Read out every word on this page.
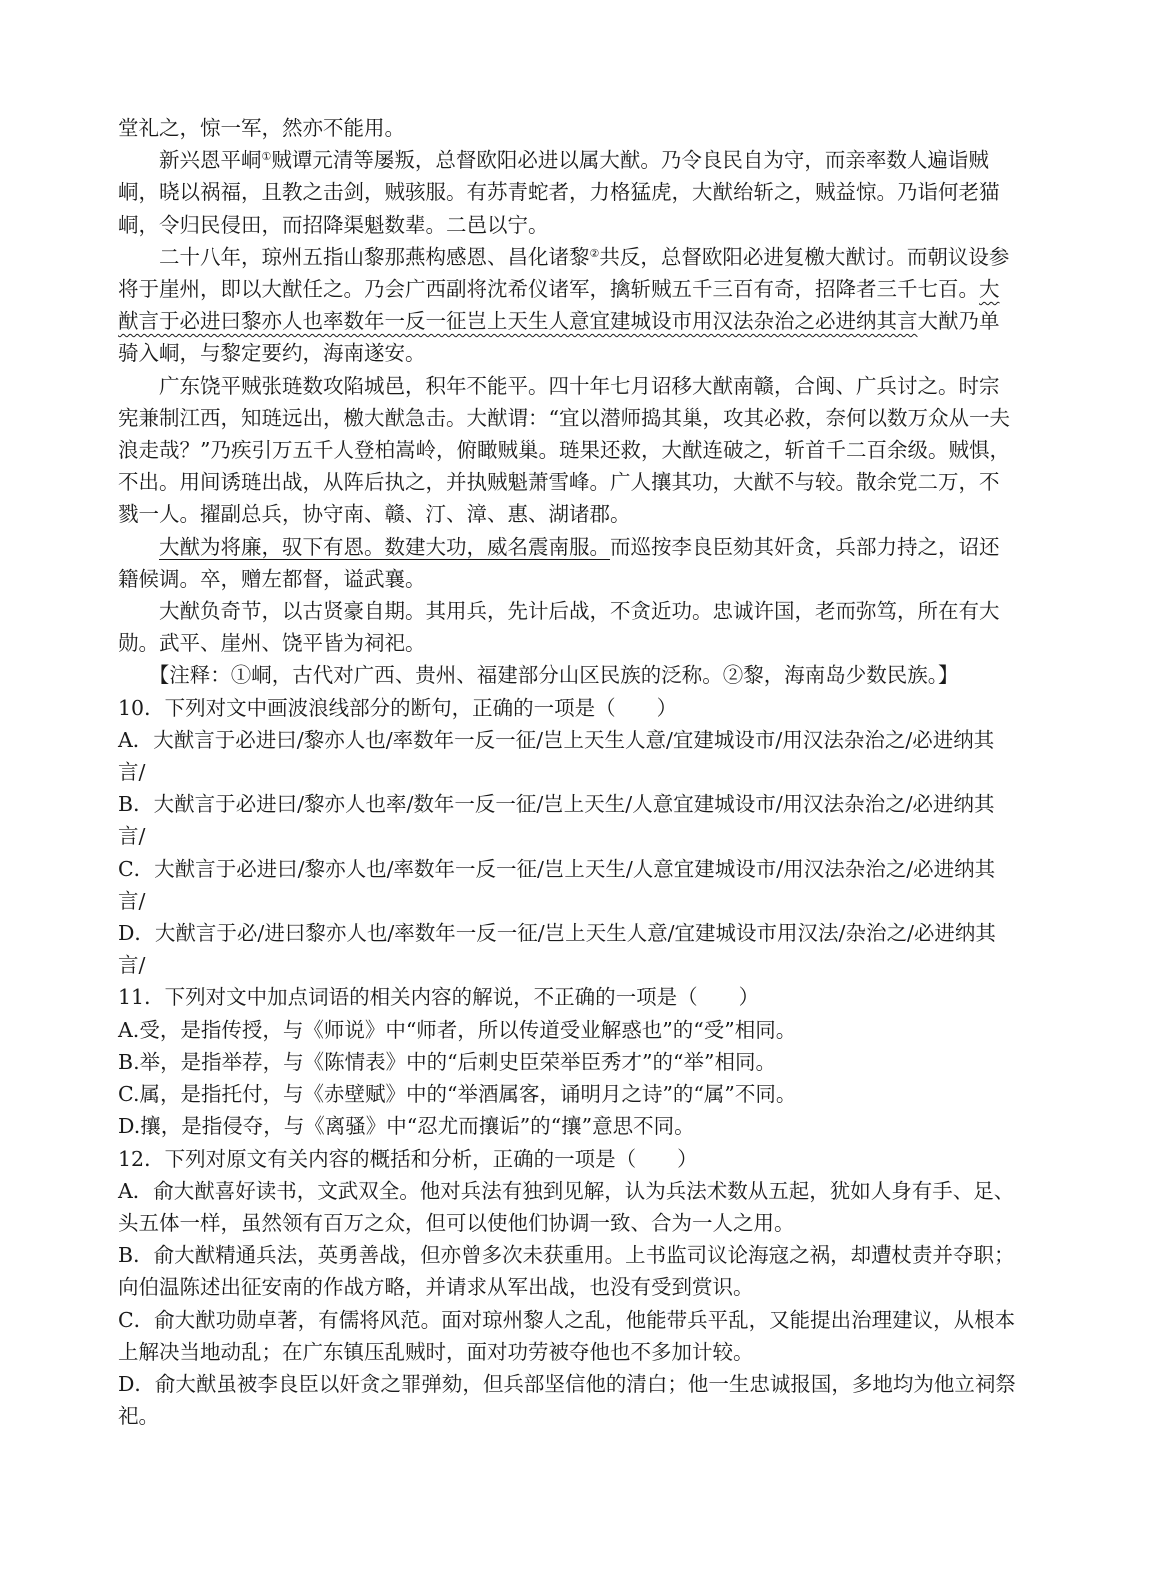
堂礼之，惊一军，然亦不能用。

新兴恩平峒①贼谭元清等屡叛，总督欧阳必进以属大猷。乃令良民自为守，而亲率数人遍诣贼峒，晓以祸福，且教之击剑，贼骇服。有苏青蛇者，力格猛虎，大猷绐斩之，贼益惊。乃诣何老猫峒，令归民侵田，而招降渠魁数辈。二邑以宁。

二十八年，琼州五指山黎那燕构感恩、昌化诸黎②共反，总督欧阳必进复檄大猷讨。而朝议设参将于崖州，即以大猷任之。乃会广西副将沈希仪诸军，擒斩贼五千三百有奇，招降者三千七百。大猷言于必进曰黎亦人也率数年一反一征岂上天生人意宜建城设市用汉法杂治之必进纳其言大猷乃单骑入峒，与黎定要约，海南遂安。

广东饶平贼张琏数攻陷城邑，积年不能平。四十年七月诏移大猷南赣，合闽、广兵讨之。时宗宪兼制江西，知琏远出，檄大猷急击。大猷谓：“宜以潜师捣其巢，攻其必救，奈何以数万众从一夫浪走哉？”乃疾引万五千人登柏嵩岭，俯瞰贼巢。琏果还救，大猷连破之，斩首千二百余级。贼惧，不出。用间诱琏出战，从阵后执之，并执贼魁萧雪峰。广人攘其功，大猷不与较。散余党二万，不戮一人。擢副总兵，协守南、赣、汀、漳、惠、湖诸郡。

大猷为将廉，驭下有恩。数建大功，威名震南服。而巡按李良臣劾其奸贪，兵部力持之，诏还籍候调。卒，赠左都督，谥武襄。

大猷负奇节，以古贤豪自期。其用兵，先计后战，不贪近功。忠诚许国，老而弥笃，所在有大勋。武平、崖州、饶平皆为祠祀。

【注释：①峒，古代对广西、贵州、福建部分山区民族的泛称。②黎，海南岛少数民族。】

10．下列对文中画波浪线部分的断句，正确的一项是（　　）

A．大猷言于必进曰/黎亦人也/率数年一反一征/岂上天生人意/宜建城设市/用汉法杂治之/必进纳其言/

B．大猷言于必进曰/黎亦人也率/数年一反一征/岂上天生/人意宜建城设市/用汉法杂治之/必进纳其言/

C．大猷言于必进曰/黎亦人也/率数年一反一征/岂上天生/人意宜建城设市/用汉法杂治之/必进纳其言/

D．大猷言于必/进曰黎亦人也/率数年一反一征/岂上天生人意/宜建城设市用汉法/杂治之/必进纳其言/

11．下列对文中加点词语的相关内容的解说，不正确的一项是（　　）

A.受，是指传授，与《师说》中“师者，所以传道受业解惑也”的“受”相同。

B.举，是指举荐，与《陈情表》中的“后刺史臣荣举臣秀才”的“举”相同。

C.属，是指托付，与《赤壁赋》中的“举酒属客，诵明月之诗”的“属”不同。

D.攘，是指侵夺，与《离骚》中“忍尤而攘诟”的“攘”意思不同。

12．下列对原文有关内容的概括和分析，正确的一项是（　　）

A．俞大猷喜好读书，文武双全。他对兵法有独到见解，认为兵法术数从五起，犹如人身有手、足、头五体一样，虽然领有百万之众，但可以使他们协调一致、合为一人之用。

B．俞大猷精通兵法，英勇善战，但亦曾多次未获重用。上书监司议论海寇之祸，却遭杖责并夺职；向伯温陈述出征安南的作战方略，并请求从军出战，也没有受到赏识。

C．俞大猷功勋卓著，有儒将风范。面对琼州黎人之乱，他能带兵平乱，又能提出治理建议，从根本上解决当地动乱；在广东镇压乱贼时，面对功劳被夺他也不多加计较。

D．俞大猷虽被李良臣以奸贪之罪弹劾，但兵部坚信他的清白；他一生忠诚报国，多地均为他立祠祭祀。
